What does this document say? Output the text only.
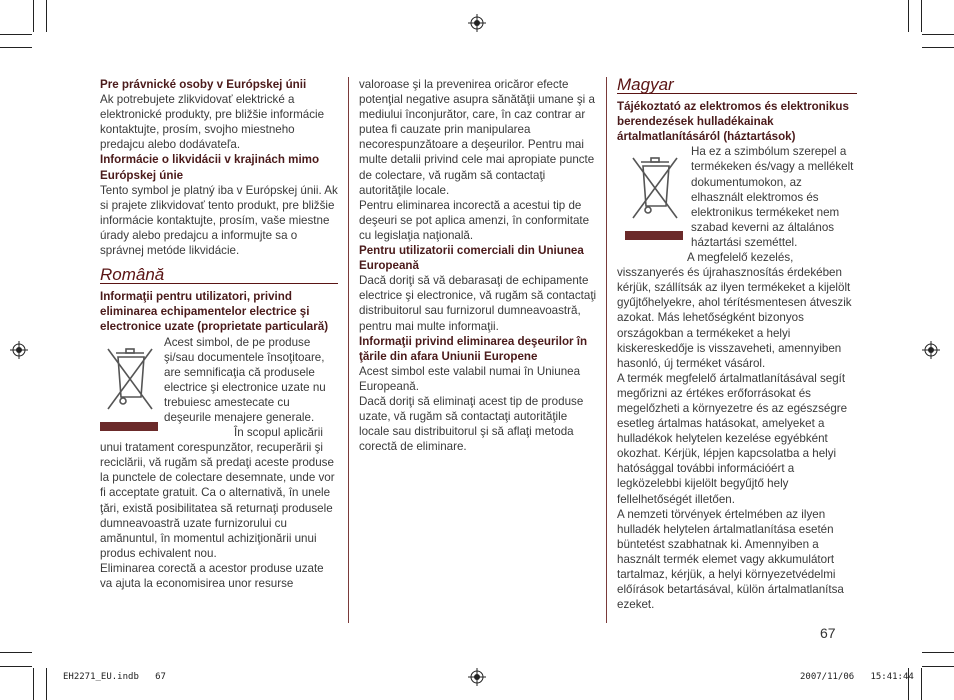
Pre právnické osoby v Európskej únii

Ak potrebujete zlikvidovať elektrické a elektronické produkty, pre bližšie informácie kontaktujte, prosím, svojho miestneho predajcu alebo dodávateľa.

Informácie o likvidácii v krajinách mimo Európskej únie

Tento symbol je platný iba v Európskej únii. Ak si prajete zlikvidovať tento produkt, pre bližšie informácie kontaktujte, prosím, vaše miestne úrady alebo predajcu a informujte sa o správnej metóde likvidácie.

Română

Informaţii pentru utilizatori, privind eliminarea echipamentelor electrice şi electronice uzate (proprietate particulară)

Acest simbol, de pe produse şi/sau documentele însoţitoare, are semnificaţia că produsele electrice şi electronice uzate nu trebuiesc amestecate cu deşeurile menajere generale.

În scopul aplicării unui tratament corespunzător, recuperării şi reciclării, vă rugăm să predaţi aceste produse la punctele de colectare desemnate, unde vor fi acceptate gratuit. Ca o alternativă, în unele ţări, există posibilitatea să returnaţi produsele dumneavoastră uzate furnizorului cu amănuntul, în momentul achiziţionării unui produs echivalent nou.

Eliminarea corectă a acestor produse uzate va ajuta la economisirea unor resurse

valoroase şi la prevenirea oricăror efecte potenţial negative asupra sănătăţii umane şi a mediului înconjurător, care, în caz contrar ar putea fi cauzate prin manipularea necorespunzătoare a deşeurilor. Pentru mai multe detalii privind cele mai apropiate puncte de colectare, vă rugăm să contactaţi autorităţile locale.

Pentru eliminarea incorectă a acestui tip de deşeuri se pot aplica amenzi, în conformitate cu legislaţia naţională.

Pentru utilizatorii comerciali din Uniunea Europeană

Dacă doriţi să vă debarasaţi de echipamente electrice şi electronice, vă rugăm să contactaţi distribuitorul sau furnizorul dumneavoastră, pentru mai multe informaţii.

Informaţii privind eliminarea deşeurilor în ţările din afara Uniunii Europene

Acest simbol este valabil numai în Uniunea Europeană.

Dacă doriţi să eliminaţi acest tip de produse uzate, vă rugăm să contactaţi autorităţile locale sau distribuitorul şi să aflaţi metoda corectă de eliminare.

Magyar

Tájékoztató az elektromos és elektronikus berendezések hulladékainak ártalmatlanításáról (háztartások)

Ha ez a szimbólum szerepel a termékeken és/vagy a mellékelt dokumentumokon, az elhasznált elektromos és elektronikus termékeket nem szabad keverni az általános háztartási szeméttel.

A megfelelő kezelés, visszanyerés és újrahasznosítás érdekében kérjük, szállítsák az ilyen termékeket a kijelölt gyűjtőhelyekre, ahol térítésmentesen átveszik azokat. Más lehetőségként bizonyos országokban a termékeket a helyi kiskereskedője is visszaveheti, amennyiben hasonló, új terméket vásárol.

A termék megfelelő ártalmatlanításával segít megőrizni az értékes erőforrásokat és megelőzheti a környezetre és az egészségre esetleg ártalmas hatásokat, amelyeket a hulladékok helytelen kezelése egyébként okozhat. Kérjük, lépjen kapcsolatba a helyi hatósággal további információért a legközelebbi kijelölt begyűjtő hely fellelhetőségét illetően.

A nemzeti törvények értelmében az ilyen hulladék helytelen ártalmatlanítása esetén büntetést szabhatnak ki. Amennyiben a használt termék elemet vagy akkumulátort tartalmaz, kérjük, a helyi környezetvédelmi előírások betartásával, külön ártalmatlanítsa ezeket.

67
EH2271_EU.indb   67	2007/11/06   15:41:44
